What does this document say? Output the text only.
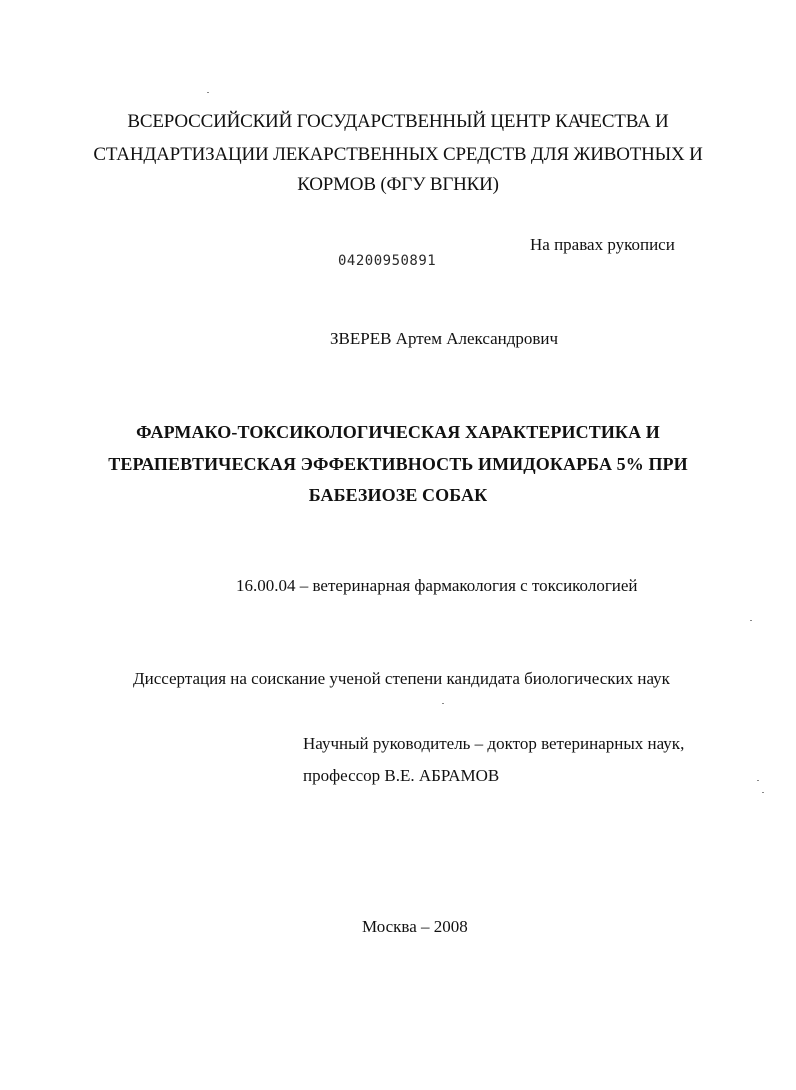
ВСЕРОССИЙСКИЙ ГОСУДАРСТВЕННЫЙ ЦЕНТР КАЧЕСТВА И
СТАНДАРТИЗАЦИИ ЛЕКАРСТВЕННЫХ СРЕДСТВ ДЛЯ ЖИВОТНЫХ И
КОРМОВ (ФГУ ВГНКИ)
На правах рукописи
04200950891
ЗВЕРЕВ Артем Александрович
ФАРМАКО-ТОКСИКОЛОГИЧЕСКАЯ ХАРАКТЕРИСТИКА И
ТЕРАПЕВТИЧЕСКАЯ ЭФФЕКТИВНОСТЬ ИМИДОКАРБА 5% ПРИ
БАБЕЗИОЗЕ СОБАК
16.00.04 – ветеринарная фармакология с токсикологией
Диссертация на соискание ученой степени кандидата биологических наук
Научный руководитель – доктор ветеринарных наук,
профессор В.Е. АБРАМОВ
Москва – 2008
